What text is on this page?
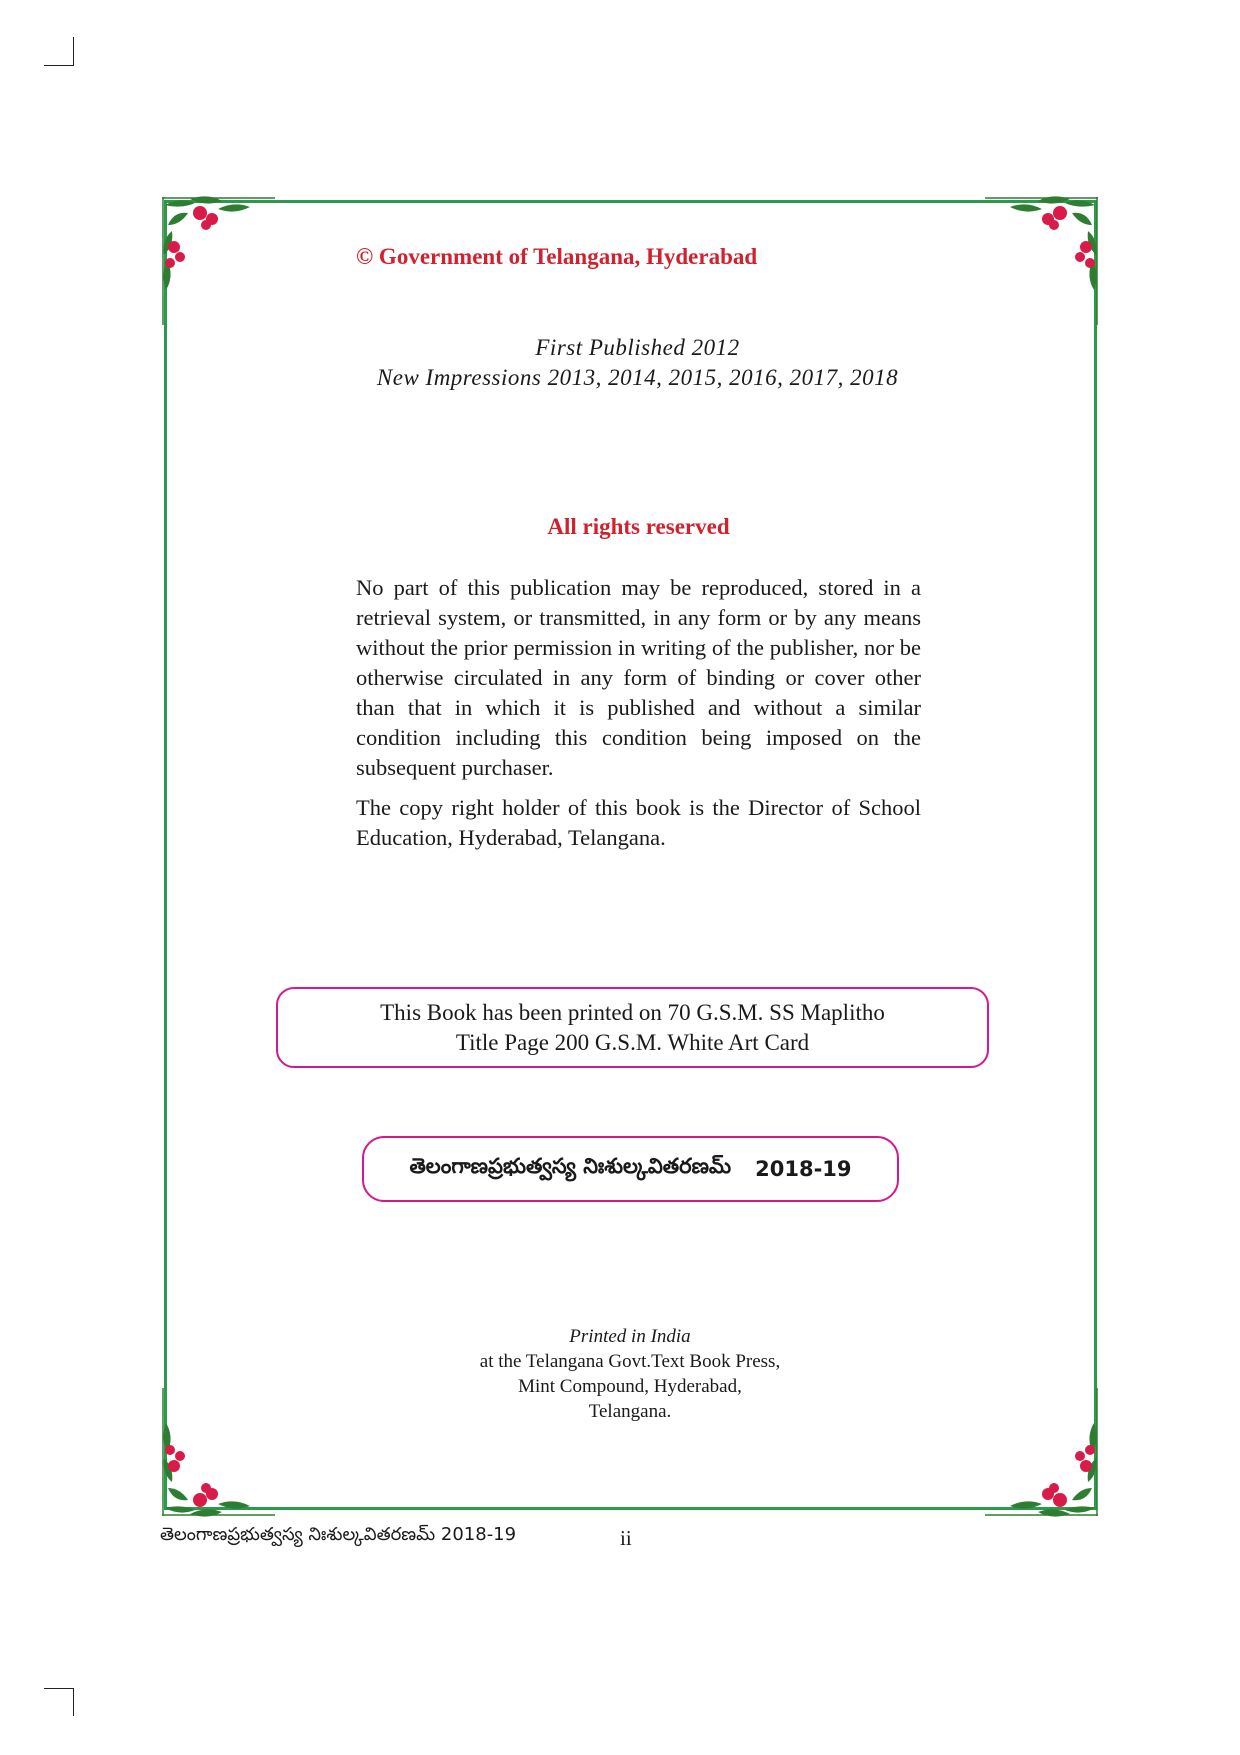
© Government of Telangana, Hyderabad
First Published 2012
New Impressions 2013, 2014, 2015, 2016, 2017, 2018
All rights reserved

No part of this publication may be reproduced, stored in a retrieval system, or transmitted, in any form or by any means without the prior permission in writing of the publisher, nor be otherwise circulated in any form of binding or cover other than that in which it is published and without a similar condition including this condition being imposed on the subsequent purchaser.

The copy right holder of this book is the Director of School Education, Hyderabad, Telangana.

This Book has been printed on 70 G.S.M. SS Maplitho
Title Page 200 G.S.M. White Art Card
తెలంగాణప్రభుత్వస్య నిఃశుల్కవితరణమ్ 2018-19
Printed in India
at the Telangana Govt.Text Book Press,
Mint Compound, Hyderabad,
Telangana.
తెలంగాణప్రభుత్వస్య నిఃశుల్కవితరణమ్ 2018-19	ii
